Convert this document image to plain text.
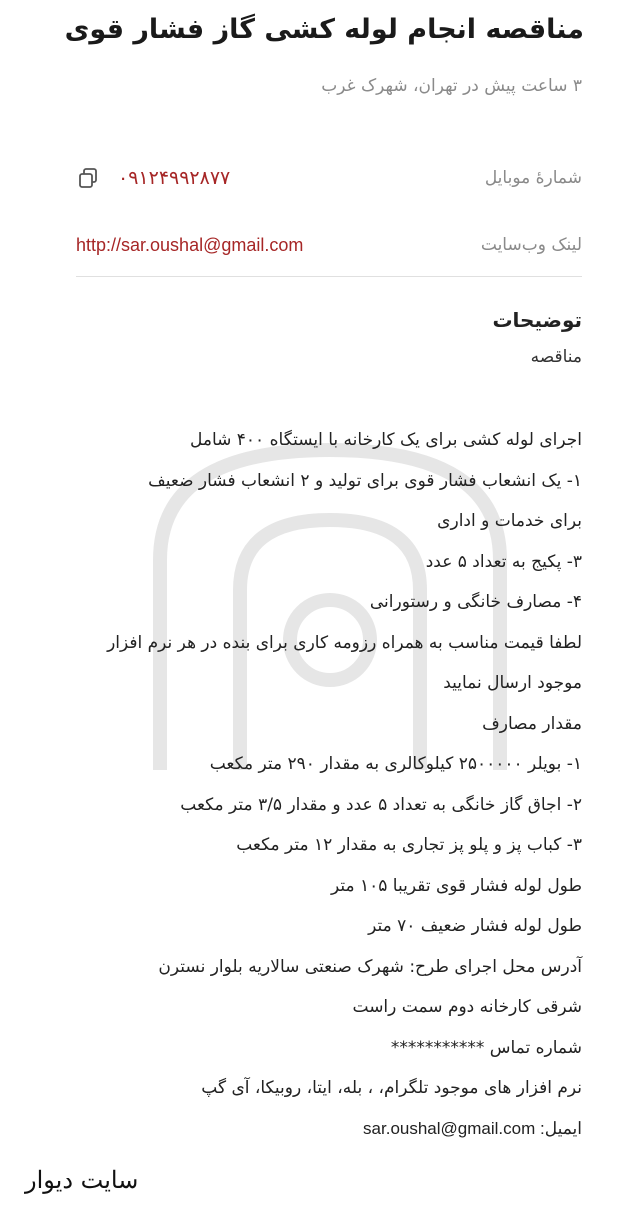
مناقصه انجام لوله کشی گاز فشار قوی
۳ ساعت پیش در تهران، شهرک غرب
۰۹۱۲۴۹۹۲۸۷۷	شمارهٔ موبایل
http://sar.oushal@gmail.com	لینک وب‌سایت
توضیحات
مناقصه
اجرای لوله کشی برای یک کارخانه با ایستگاه ۴۰۰ شامل
۱- یک انشعاب فشار قوی برای تولید و ۲ انشعاب فشار ضعیف
برای خدمات و اداری
۳- پکیج به تعداد ۵ عدد
۴- مصارف خانگی و رستورانی
لطفا قیمت مناسب به همراه رزومه کاری برای بنده در هر نرم افزار
موجود ارسال نمایید
مقدار مصارف
۱- بویلر ۲۵۰۰۰۰۰ کیلوکالری به مقدار ۲۹۰ متر مکعب
۲- اجاق گاز خانگی به تعداد ۵ عدد و مقدار ۳/۵ متر مکعب
۳- کباب پز و پلو پز تجاری به مقدار ۱۲ متر مکعب
طول لوله فشار قوی تقریبا ۱۰۵ متر
طول لوله فشار ضعیف ۷۰ متر
آدرس محل اجرای طرح: شهرک صنعتی سالاریه بلوار نسترن
شرقی کارخانه دوم سمت راست
شماره تماس ***********
نرم افزار های موجود تلگرام، ، بله، ایتا، روبیکا، آی گپ
ایمیل: sar.oushal@gmail.com
سایت دیوار
